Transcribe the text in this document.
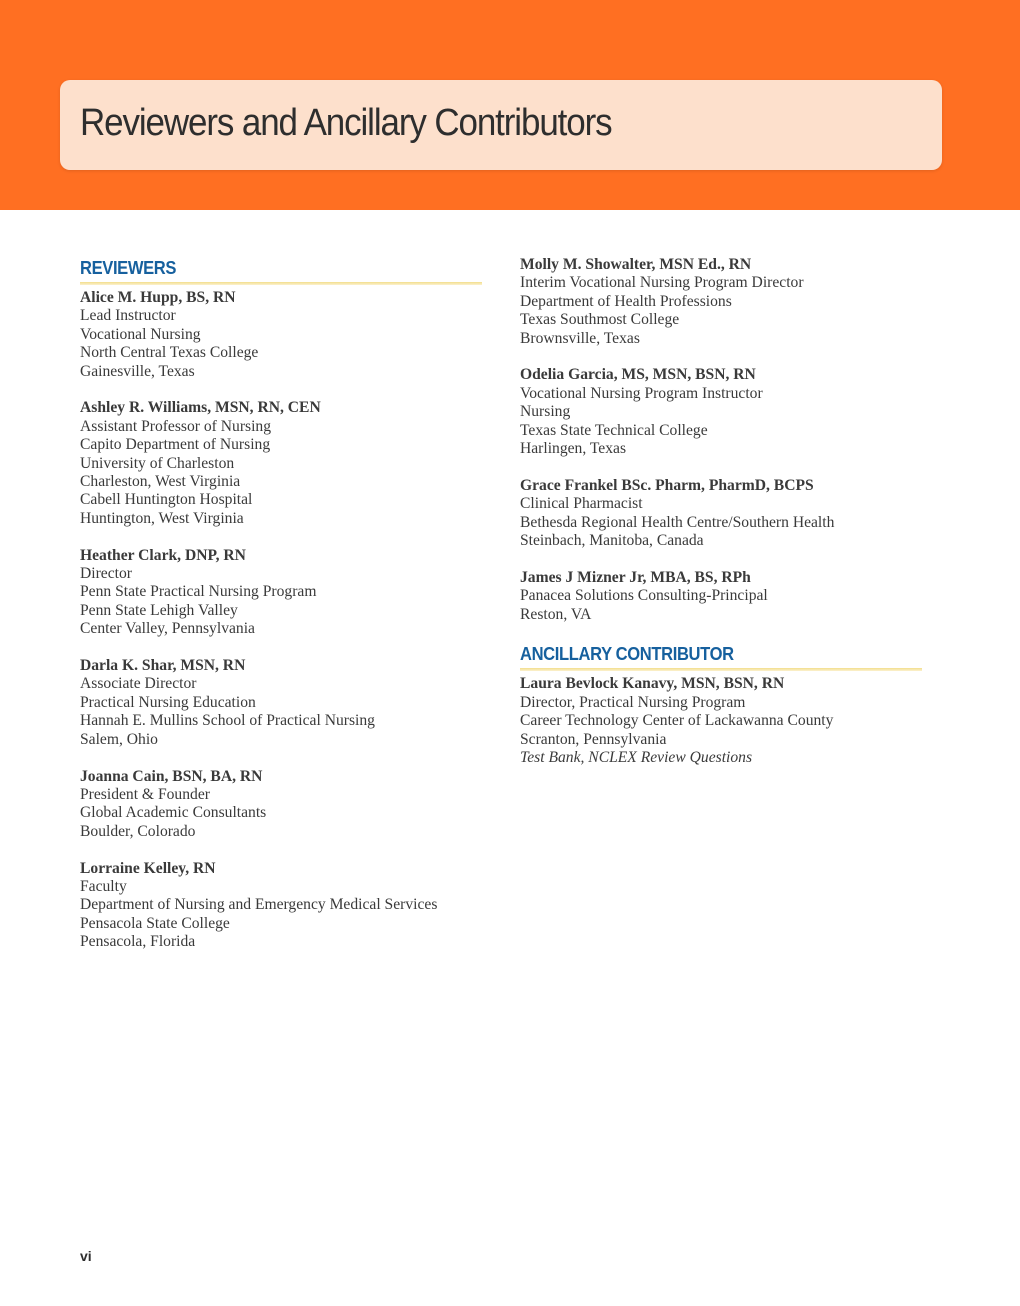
Reviewers and Ancillary Contributors
REVIEWERS
Alice M. Hupp, BS, RN
Lead Instructor
Vocational Nursing
North Central Texas College
Gainesville, Texas
Ashley R. Williams, MSN, RN, CEN
Assistant Professor of Nursing
Capito Department of Nursing
University of Charleston
Charleston, West Virginia
Cabell Huntington Hospital
Huntington, West Virginia
Heather Clark, DNP, RN
Director
Penn State Practical Nursing Program
Penn State Lehigh Valley
Center Valley, Pennsylvania
Darla K. Shar, MSN, RN
Associate Director
Practical Nursing Education
Hannah E. Mullins School of Practical Nursing
Salem, Ohio
Joanna Cain, BSN, BA, RN
President & Founder
Global Academic Consultants
Boulder, Colorado
Lorraine Kelley, RN
Faculty
Department of Nursing and Emergency Medical Services
Pensacola State College
Pensacola, Florida
Molly M. Showalter, MSN Ed., RN
Interim Vocational Nursing Program Director
Department of Health Professions
Texas Southmost College
Brownsville, Texas
Odelia Garcia, MS, MSN, BSN, RN
Vocational Nursing Program Instructor
Nursing
Texas State Technical College
Harlingen, Texas
Grace Frankel BSc. Pharm, PharmD, BCPS
Clinical Pharmacist
Bethesda Regional Health Centre/Southern Health
Steinbach, Manitoba, Canada
James J Mizner Jr, MBA, BS, RPh
Panacea Solutions Consulting-Principal
Reston, VA
ANCILLARY CONTRIBUTOR
Laura Bevlock Kanavy, MSN, BSN, RN
Director, Practical Nursing Program
Career Technology Center of Lackawanna County
Scranton, Pennsylvania
Test Bank, NCLEX Review Questions
vi
